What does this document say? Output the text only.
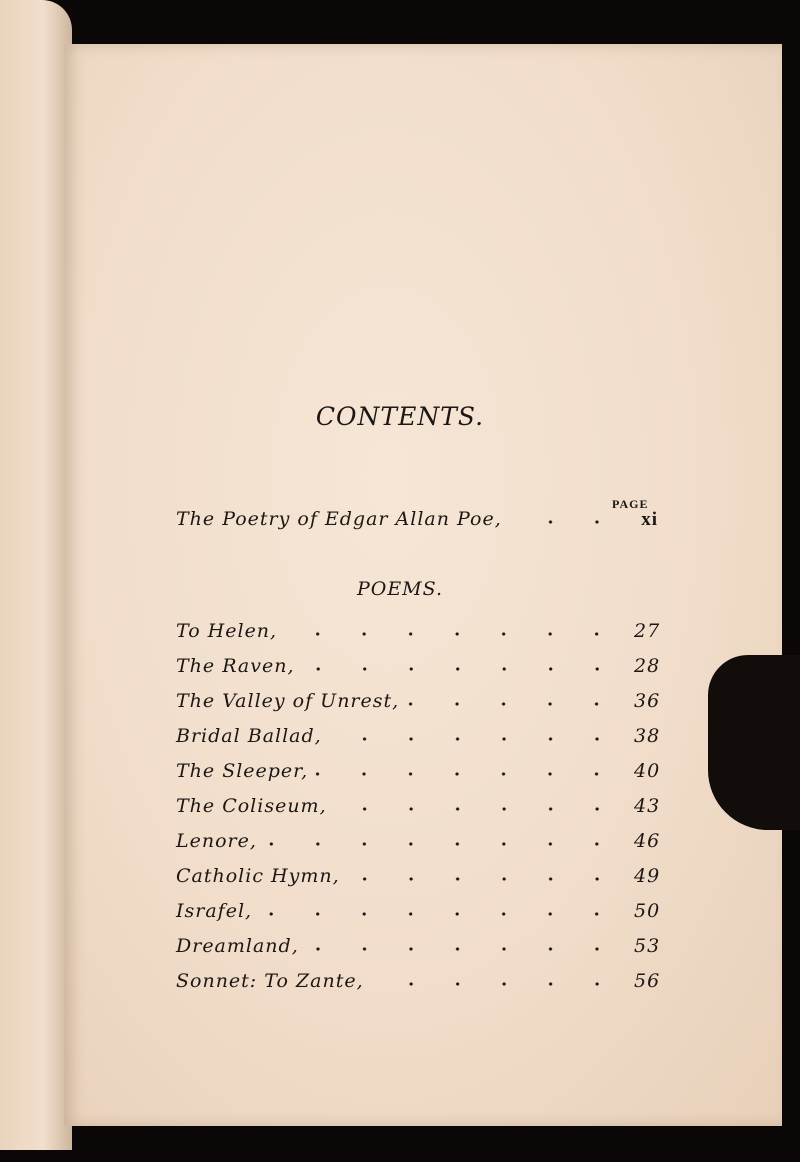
CONTENTS.
PAGE
The Poetry of Edgar Allan Poe,	xi
POEMS.
To Helen,	27
The Raven,	28
The Valley of Unrest,	36
Bridal Ballad,	38
The Sleeper,	40
The Coliseum,	43
Lenore,	46
Catholic Hymn,	49
Israfel,	50
Dreamland,	53
Sonnet: To Zante,	56
